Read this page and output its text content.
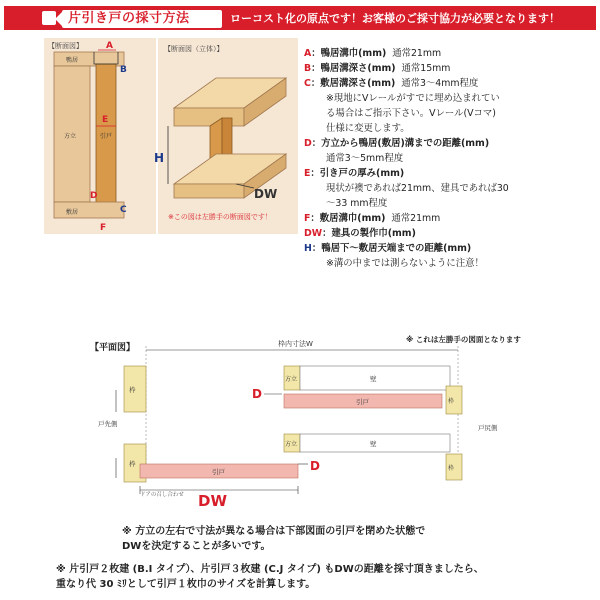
片引き戸の採寸方法	ローコスト化の原点です！お客様のご採寸協力が必要となります！
鴨居
方立	引戸
敷居
A
B
C
D
E
F
【断面図】
H
DW
【断面図（立体）】
※この図は左勝手の断面図です！
A：鴨居溝巾(mm) 通常21mm
B：鴨居溝深さ(mm) 通常15mm
C：敷居溝深さ(mm) 通常3～4mm程度
※現地にVレールがすでに埋め込まれてい
る場合はご指示下さい。Vレール(Vコマ)
仕様に変更します。
D：方立から鴨居(敷居)溝までの距離(mm)
通常3～5mm程度
E：引き戸の厚み(mm)
現状が襖であれば21mm、建具であれば30
～33 mm程度
F：敷居溝巾(mm) 通常21mm
DW：建具の製作巾(mm)
H：鴨居下～敷居天端までの距離(mm)
※溝の中までは測らないように注意！
【平面図】
※ これは左勝手の図面となります
枠内寸法W
枠
方立	壁
引戸	枠
D
戸先側	戸尻側
枠
方立	壁
引戸	枠
D
ドアの召し合わせ DW
※ 方立の左右で寸法が異なる場合は下部図面の引戸を閉めた状態で
DWを決定することが多いです。
※ 片引戸２枚建 (B.I タイプ）、片引戸３枚建 (C.J タイプ) もDWの距離を採寸頂きましたら、
重なり代 30 ﾐﾘとして引戸１枚巾のサイズを計算します。
